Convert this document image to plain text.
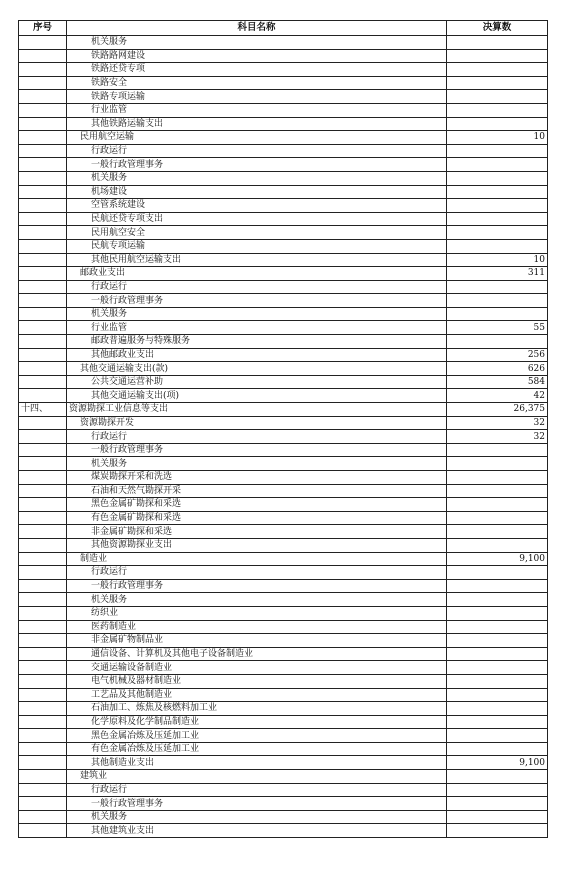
序号	科目名称	决算数
	机关服务	
	铁路路网建设	
	铁路还贷专项	
	铁路安全	
	铁路专项运输	
	行业监管	
	其他铁路运输支出	
	民用航空运输	10
	行政运行	
	一般行政管理事务	
	机关服务	
	机场建设	
	空管系统建设	
	民航还贷专项支出	
	民用航空安全	
	民航专项运输	
	其他民用航空运输支出	10
	邮政业支出	311
	行政运行	
	一般行政管理事务	
	机关服务	
	行业监管	55
	邮政普遍服务与特殊服务	
	其他邮政业支出	256
	其他交通运输支出(款)	626
	公共交通运营补助	584
	其他交通运输支出(项)	42
十四、	资源勘探工业信息等支出	26,375
	资源勘探开发	32
	行政运行	32
	一般行政管理事务	
	机关服务	
	煤炭勘探开采和洗选	
	石油和天然气勘探开采	
	黑色金属矿勘探和采选	
	有色金属矿勘探和采选	
	非金属矿勘探和采选	
	其他资源勘探业支出	
	制造业	9,100
	行政运行	
	一般行政管理事务	
	机关服务	
	纺织业	
	医药制造业	
	非金属矿物制品业	
	通信设备、计算机及其他电子设备制造业	
	交通运输设备制造业	
	电气机械及器材制造业	
	工艺品及其他制造业	
	石油加工、炼焦及核燃料加工业	
	化学原料及化学制品制造业	
	黑色金属冶炼及压延加工业	
	有色金属冶炼及压延加工业	
	其他制造业支出	9,100
	建筑业	
	行政运行	
	一般行政管理事务	
	机关服务	
	其他建筑业支出	
